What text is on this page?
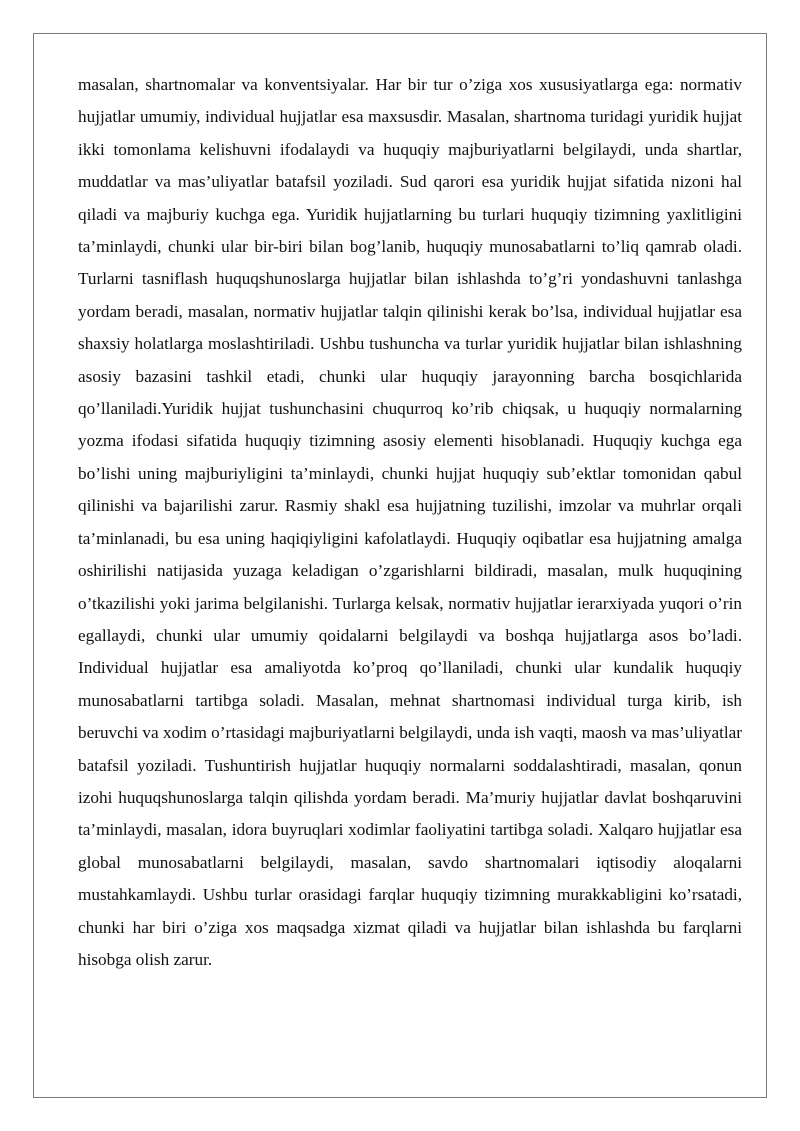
masalan, shartnomalar va konventsiyalar. Har bir tur o’ziga xos xususiyatlarga ega: normativ hujjatlar umumiy, individual hujjatlar esa maxsusdir. Masalan, shartnoma turidagi yuridik hujjat ikki tomonlama kelishuvni ifodalaydi va huquqiy majburiyatlarni belgilaydi, unda shartlar, muddatlar va mas’uliyatlar batafsil yoziladi. Sud qarori esa yuridik hujjat sifatida nizoni hal qiladi va majburiy kuchga ega. Yuridik hujjatlarning bu turlari huquqiy tizimning yaxlitligini ta’minlaydi, chunki ular bir-biri bilan bog’lanib, huquqiy munosabatlarni to’liq qamrab oladi. Turlarni tasniflash huquqshunoslarga hujjatlar bilan ishlashda to’g’ri yondashuvni tanlashga yordam beradi, masalan, normativ hujjatlar talqin qilinishi kerak bo’lsa, individual hujjatlar esa shaxsiy holatlarga moslashtiriladi. Ushbu tushuncha va turlar yuridik hujjatlar bilan ishlashning asosiy bazasini tashkil etadi, chunki ular huquqiy jarayonning barcha bosqichlarida qo’llaniladi.Yuridik hujjat tushunchasini chuqurroq ko’rib chiqsak, u huquqiy normalarning yozma ifodasi sifatida huquqiy tizimning asosiy elementi hisoblanadi. Huquqiy kuchga ega bo’lishi uning majburiyligini ta’minlaydi, chunki hujjat huquqiy sub’ektlar tomonidan qabul qilinishi va bajarilishi zarur. Rasmiy shakl esa hujjatning tuzilishi, imzolar va muhrlar orqali ta’minlanadi, bu esa uning haqiqiyligini kafolatlaydi. Huquqiy oqibatlar esa hujjatning amalga oshirilishi natijasida yuzaga keladigan o’zgarishlarni bildiradi, masalan, mulk huquqining o’tkazilishi yoki jarima belgilanishi. Turlarga kelsak, normativ hujjatlar ierarxiyada yuqori o’rin egallaydi, chunki ular umumiy qoidalarni belgilaydi va boshqa hujjatlarga asos bo’ladi. Individual hujjatlar esa amaliyotda ko’proq qo’llaniladi, chunki ular kundalik huquqiy munosabatlarni tartibga soladi. Masalan, mehnat shartnomasi individual turga kirib, ish beruvchi va xodim o’rtasidagi majburiyatlarni belgilaydi, unda ish vaqti, maosh va mas’uliyatlar batafsil yoziladi. Tushuntirish hujjatlar huquqiy normalarni soddalashtiradi, masalan, qonun izohi huquqshunoslarga talqin qilishda yordam beradi. Ma’muriy hujjatlar davlat boshqaruvini ta’minlaydi, masalan, idora buyruqlari xodimlar faoliyatini tartibga soladi. Xalqaro hujjatlar esa global munosabatlarni belgilaydi, masalan, savdo shartnomalari iqtisodiy aloqalarni mustahkamlaydi. Ushbu turlar orasidagi farqlar huquqiy tizimning murakkabligini ko’rsatadi, chunki har biri o’ziga xos maqsadga xizmat qiladi va hujjatlar bilan ishlashda bu farqlarni hisobga olish zarur.
